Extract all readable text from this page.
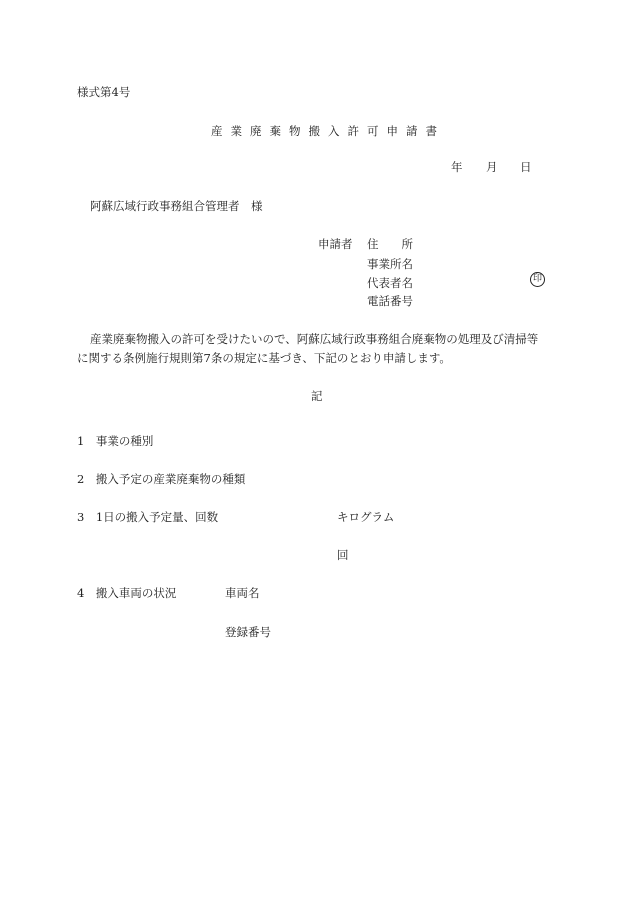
様式第4号
産業廃棄物搬入許可申請書
年 月 日
阿蘇広域行政事務組合管理者　様
申請者 住　　所
事業所名
代表者名	印
電話番号
産業廃棄物搬入の許可を受けたいので、阿蘇広域行政事務組合廃棄物の処理及び清掃等
に関する条例施行規則第7条の規定に基づき、下記のとおり申請します。
記
1　事業の種別
2　搬入予定の産業廃棄物の種類
3　1日の搬入予定量、回数	キログラム
回
4　搬入車両の状況	車両名
登録番号
